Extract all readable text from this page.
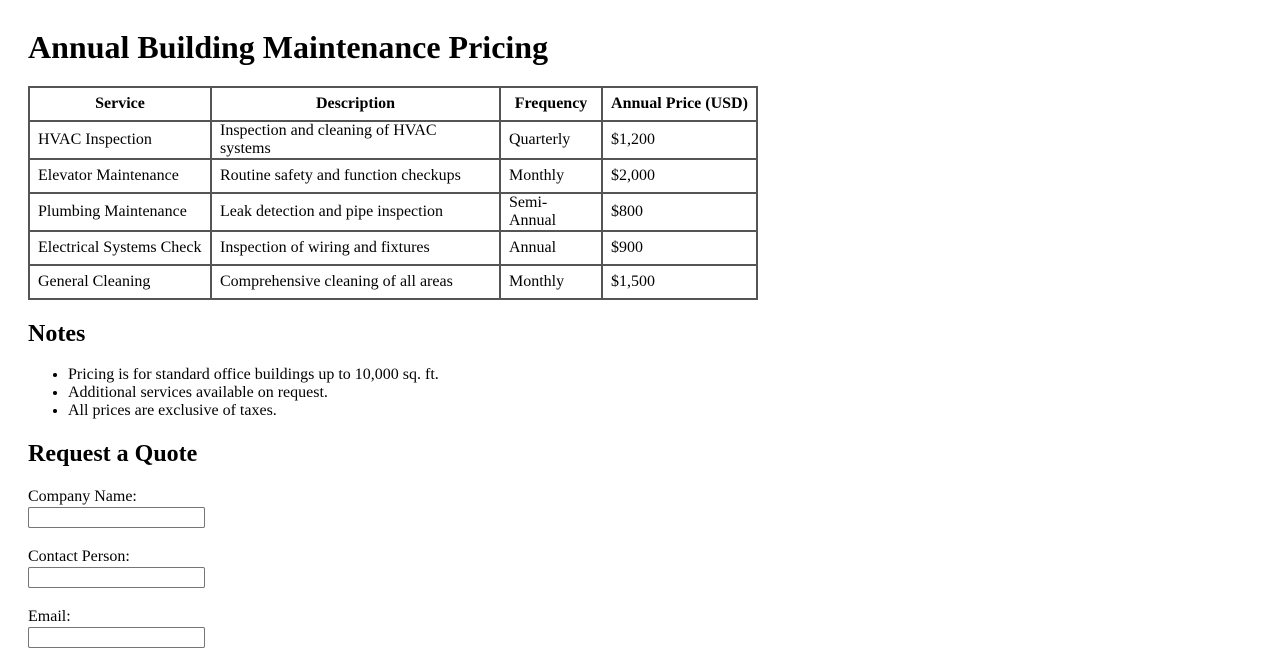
Annual Building Maintenance Pricing
Service	Description	Frequency	Annual Price (USD)
HVAC Inspection	Inspection and cleaning of HVAC systems	Quarterly	$1,200
Elevator Maintenance	Routine safety and function checkups	Monthly	$2,000
Plumbing Maintenance	Leak detection and pipe inspection	Semi-Annual	$800
Electrical Systems Check	Inspection of wiring and fixtures	Annual	$900
General Cleaning	Comprehensive cleaning of all areas	Monthly	$1,500
Notes
• Pricing is for standard office buildings up to 10,000 sq. ft.
• Additional services available on request.
• All prices are exclusive of taxes.
Request a Quote
Company Name:
Contact Person:
Email:
